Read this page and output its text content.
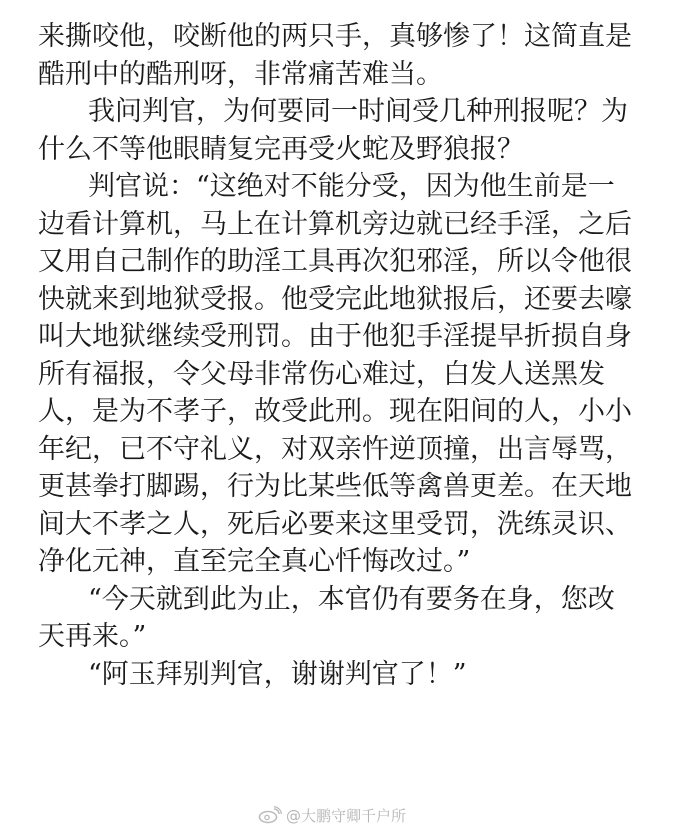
来撕咬他，咬断他的两只手，真够惨了！这简直是
酷刑中的酷刑呀，非常痛苦难当。
我问判官，为何要同一时间受几种刑报呢？为
什么不等他眼睛复完再受火蛇及野狼报？
判官说：“这绝对不能分受，因为他生前是一
边看计算机，马上在计算机旁边就已经手淫，之后
又用自己制作的助淫工具再次犯邪淫，所以令他很
快就来到地狱受报。他受完此地狱报后，还要去嚎
叫大地狱继续受刑罚。由于他犯手淫提早折损自身
所有福报，令父母非常伤心难过，白发人送黑发
人，是为不孝子，故受此刑。现在阳间的人，小小
年纪，已不守礼义，对双亲忤逆顶撞，出言辱骂，
更甚拳打脚踢，行为比某些低等禽兽更差。在天地
间大不孝之人，死后必要来这里受罚，洗练灵识、
净化元神，直至完全真心忏悔改过。”
“今天就到此为止，本官仍有要务在身，您改
天再来。”
“阿玉拜别判官，谢谢判官了！”
@大鹏守卿千户所
